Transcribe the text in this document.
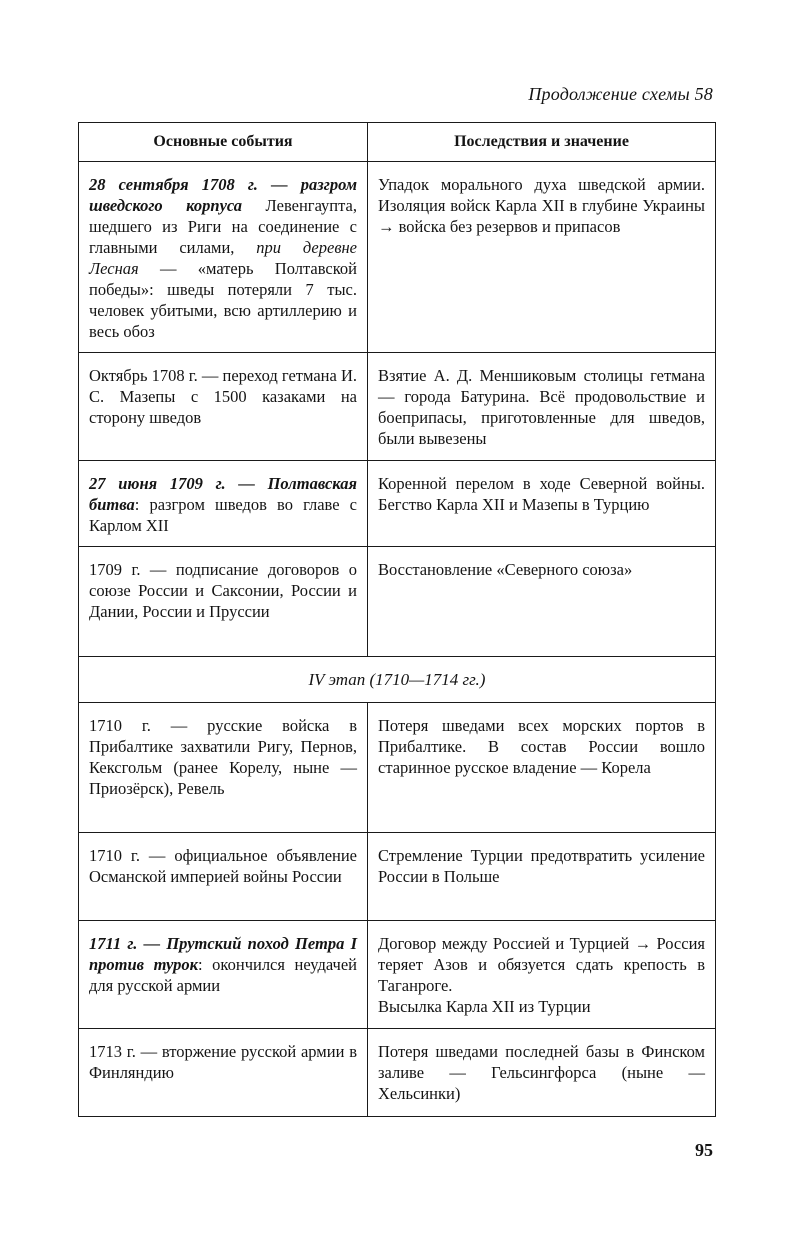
Продолжение схемы 58
Основные события	Последствия и значение
28 сентября 1708 г. — разгром шведского корпуса Левенгаупта, шедшего из Риги на соединение с главными силами, при деревне Лесная — «матерь Полтавской победы»: шведы потеряли 7 тыс. человек убитыми, всю артиллерию и весь обоз	Упадок морального духа шведской армии. Изоляция войск Карла XII в глубине Украины → войска без резервов и припасов
Октябрь 1708 г. — переход гетмана И. С. Мазепы с 1500 казаками на сторону шведов	Взятие А. Д. Меншиковым столицы гетмана — города Батурина. Всё продовольствие и боеприпасы, приготовленные для шведов, были вывезены
27 июня 1709 г. — Полтавская битва: разгром шведов во главе с Карлом XII	Коренной перелом в ходе Северной войны. Бегство Карла XII и Мазепы в Турцию
1709 г. — подписание договоров о союзе России и Саксонии, России и Дании, России и Пруссии	Восстановление «Северного союза»
IV этап (1710—1714 гг.)	
1710 г. — русские войска в Прибалтике захватили Ригу, Пернов, Кексгольм (ранее Корелу, ныне — Приозёрск), Ревель	Потеря шведами всех морских портов в Прибалтике. В состав России вошло старинное русское владение — Корела
1710 г. — официальное объявление Османской империей войны России	Стремление Турции предотвратить усиление России в Польше
1711 г. — Прутский поход Петра I против турок: окончился неудачей для русской армии	Договор между Россией и Турцией → Россия теряет Азов и обязуется сдать крепость в Таганроге.
Высылка Карла XII из Турции

1713 г. — вторжение русской армии в Финляндию	Потеря шведами последней базы в Финском заливе — Гельсингфорса (ныне — Хельсинки)
95
